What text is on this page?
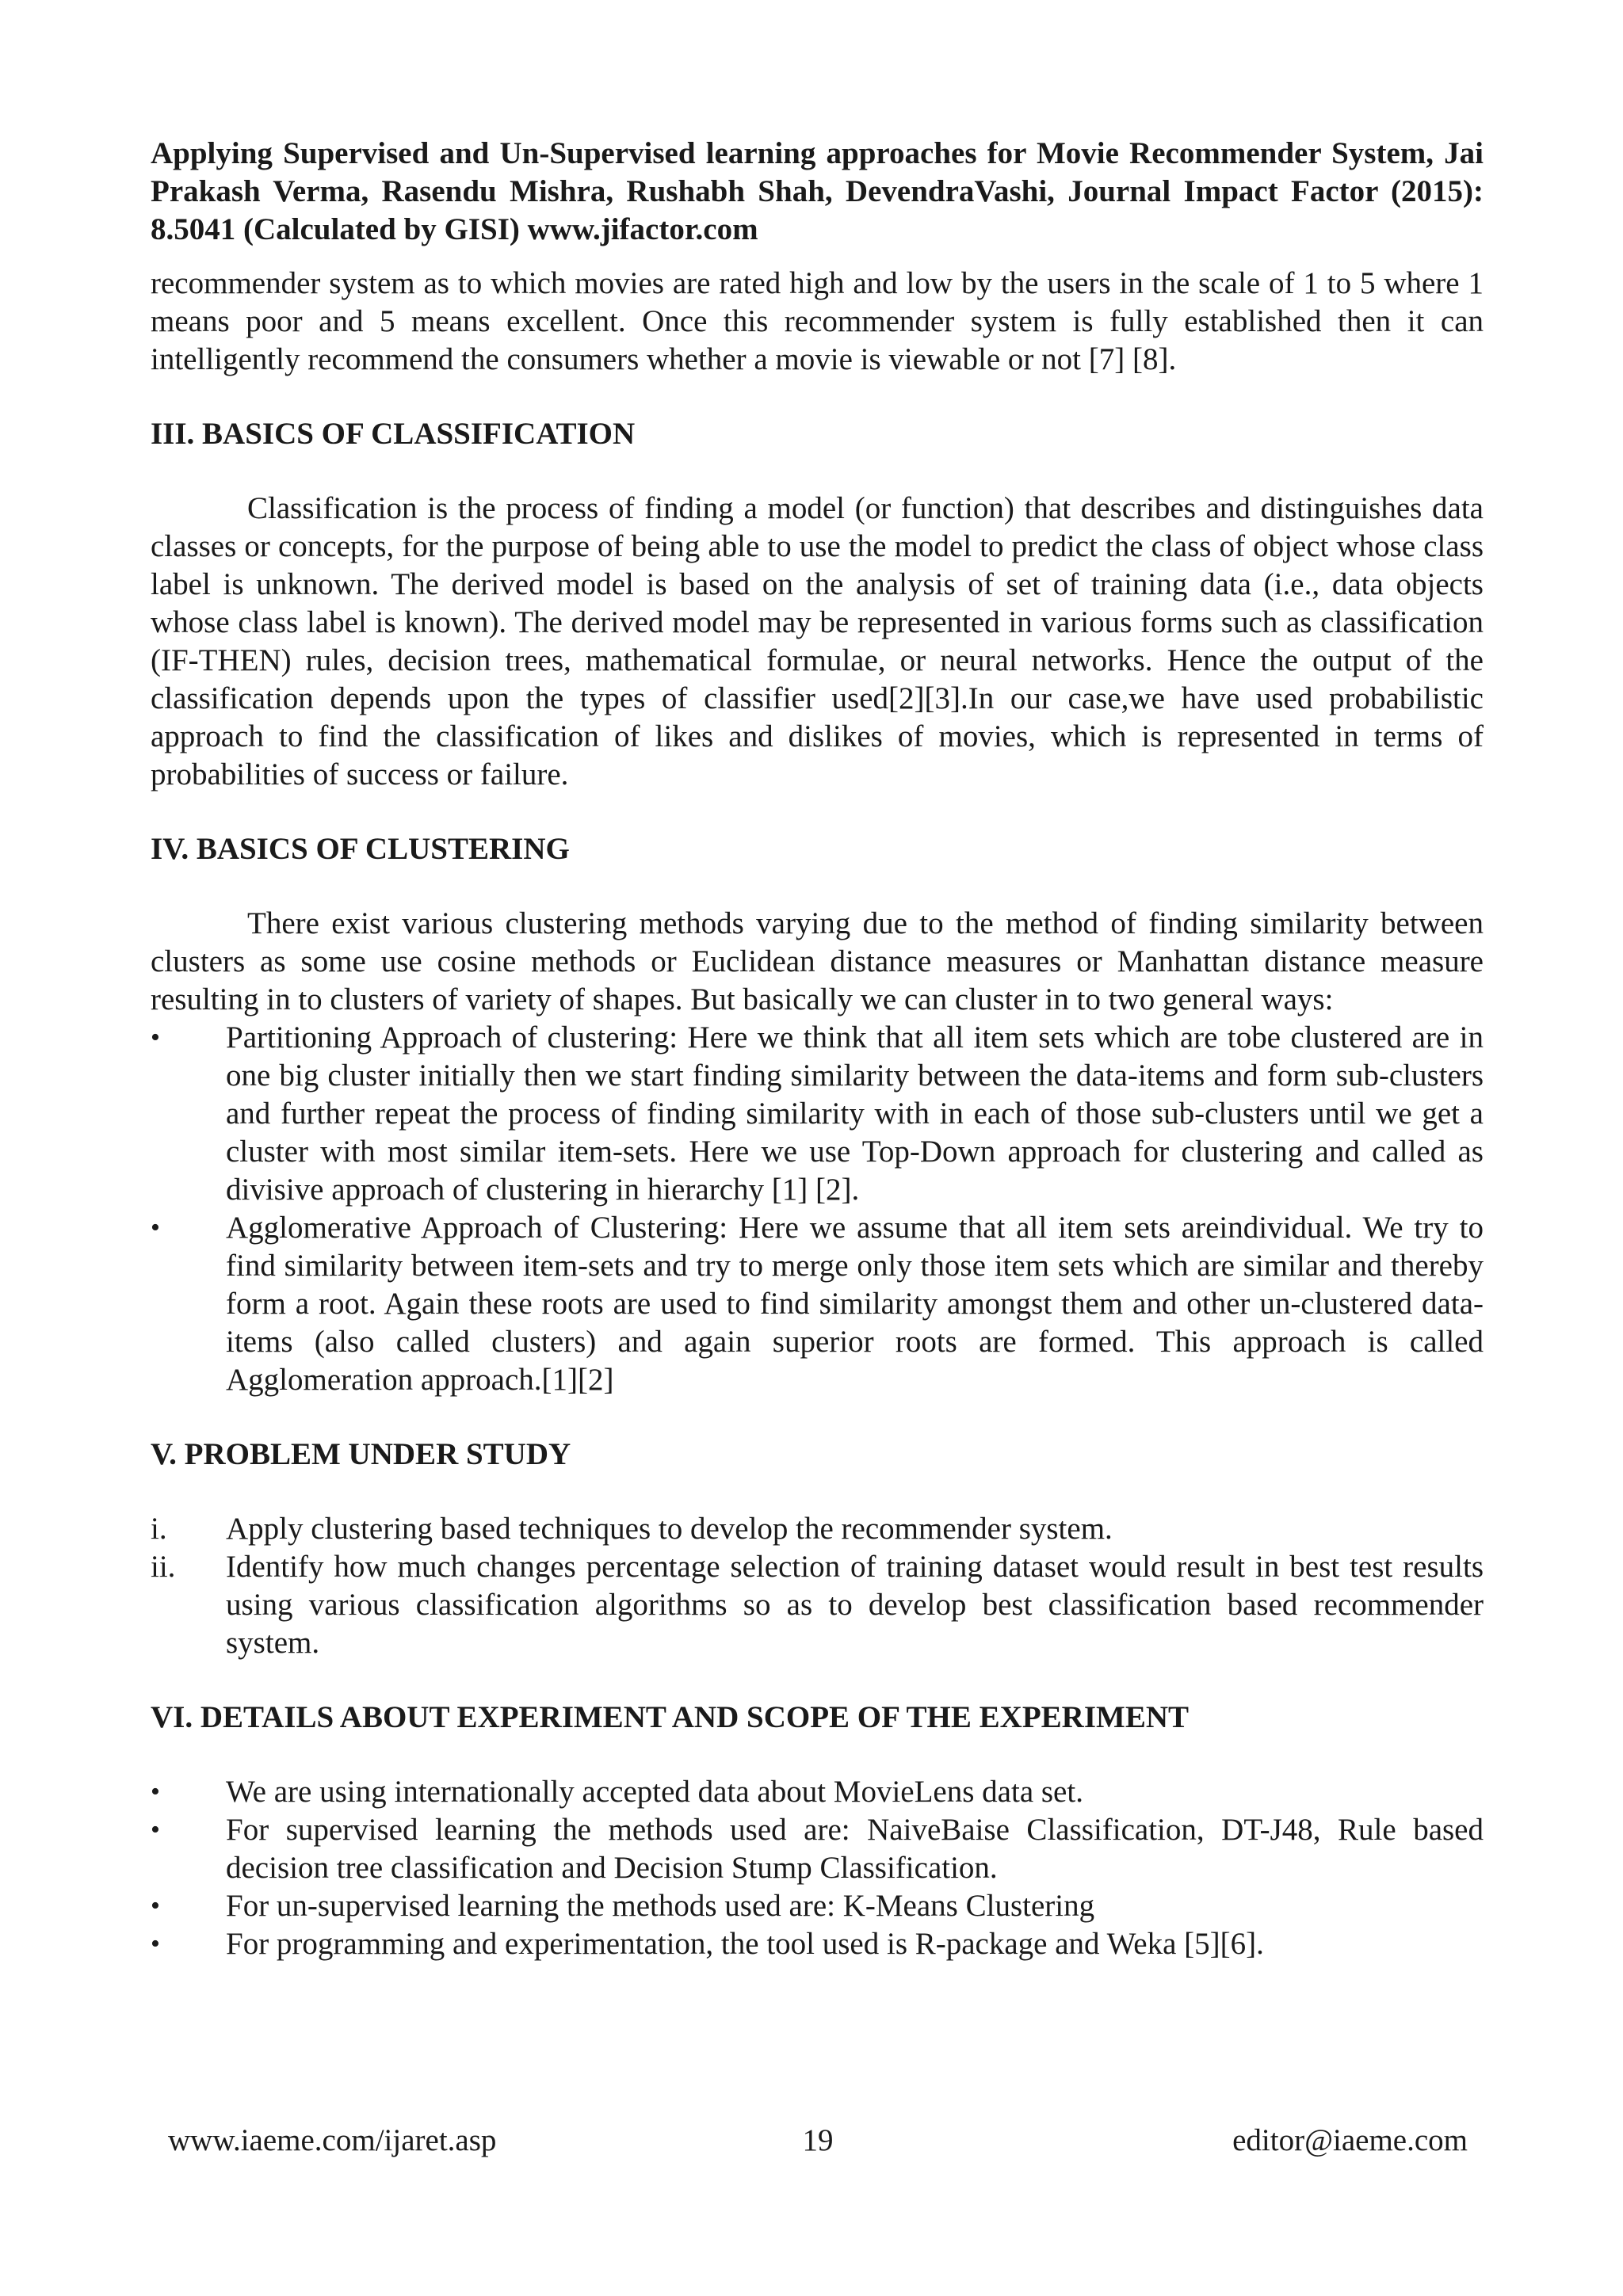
Applying Supervised and Un-Supervised learning approaches for Movie Recommender System, Jai Prakash Verma, Rasendu Mishra, Rushabh Shah, DevendraVashi, Journal Impact Factor (2015): 8.5041 (Calculated by GISI) www.jifactor.com

recommender system as to which movies are rated high and low by the users in the scale of 1 to 5 where 1 means poor and 5 means excellent. Once this recommender system is fully established then it can intelligently recommend the consumers whether a movie is viewable or not [7] [8].

III. BASICS OF CLASSIFICATION

Classification is the process of finding a model (or function) that describes and distinguishes data classes or concepts, for the purpose of being able to use the model to predict the class of object whose class label is unknown. The derived model is based on the analysis of set of training data (i.e., data objects whose class label is known). The derived model may be represented in various forms such as classification (IF-THEN) rules, decision trees, mathematical formulae, or neural networks. Hence the output of the classification depends upon the types of classifier used[2][3].In our case,we have used probabilistic approach to find the classification of likes and dislikes of movies, which is represented in terms of probabilities of success or failure.

IV. BASICS OF CLUSTERING

There exist various clustering methods varying due to the method of finding similarity between clusters as some use cosine methods or Euclidean distance measures or Manhattan distance measure resulting in to clusters of variety of shapes. But basically we can cluster in to two general ways:

•	Partitioning Approach of clustering: Here we think that all item sets which are tobe clustered are in one big cluster initially then we start finding similarity between the data-items and form sub-clusters and further repeat the process of finding similarity with in each of those sub-clusters until we get a cluster with most similar item-sets. Here we use Top-Down approach for clustering and called as divisive approach of clustering in hierarchy [1] [2].
•	Agglomerative Approach of Clustering: Here we assume that all item sets areindividual. We try to find similarity between item-sets and try to merge only those item sets which are similar and thereby form a root. Again these roots are used to find similarity amongst them and other un-clustered data-items (also called clusters) and again superior roots are formed. This approach is called Agglomeration approach.[1][2]
V. PROBLEM UNDER STUDY
i.	Apply clustering based techniques to develop the recommender system.
ii.	Identify how much changes percentage selection of training dataset would result in best test results using various classification algorithms so as to develop best classification based recommender system.
VI. DETAILS ABOUT EXPERIMENT AND SCOPE OF THE EXPERIMENT
•	We are using internationally accepted data about MovieLens data set.
•	For supervised learning the methods used are: NaiveBaise Classification, DT-J48, Rule based decision tree classification and Decision Stump Classification.
•	For un-supervised learning the methods used are: K-Means Clustering
•	For programming and experimentation, the tool used is R-package and Weka [5][6].
www.iaeme.com/ijaret.asp	19	editor@iaeme.com
